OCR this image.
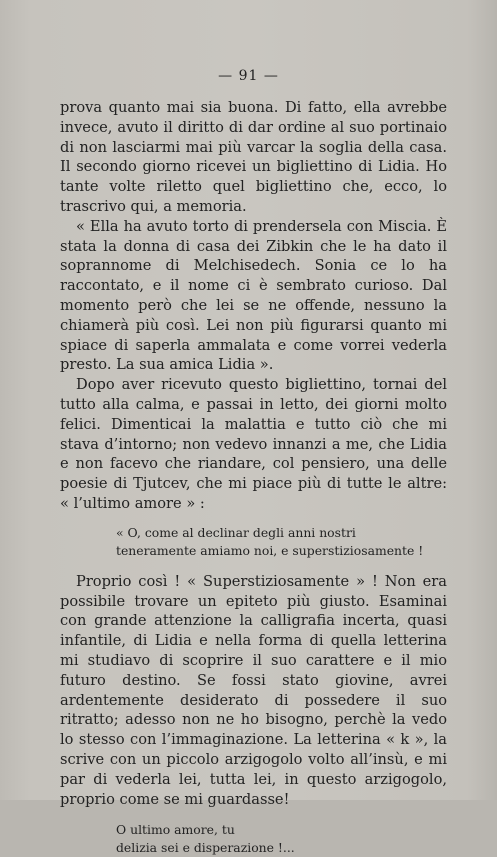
— 91 —

prova quanto mai sia buona. Di fatto, ella avrebbe invece, avuto il diritto di dar ordine al suo portinaio di non lasciarmi mai più varcar la soglia della casa. Il secondo giorno ricevei un bigliettino di Lidia. Ho tante volte riletto quel bigliettino che, ecco, lo trascrivo qui, a memoria.

« Ella ha avuto torto di prendersela con Miscia. È stata la donna di casa dei Zibkin che le ha dato il soprannome di Melchisedech. Sonia ce lo ha raccontato, e il nome ci è sembrato curioso. Dal momento però che lei se ne offende, nessuno la chiamerà più così. Lei non più figurarsi quanto mi spiace di saperla ammalata e come vorrei vederla presto. La sua amica Lidia ».

Dopo aver ricevuto questo bigliettino, tornai del tutto alla calma, e passai in letto, dei giorni molto felici. Dimenticai la malattia e tutto ciò che mi stava d’intorno; non vedevo innanzi a me, che Lidia e non facevo che riandare, col pensiero, una delle poesie di Tjutcev, che mi piace più di tutte le altre: « l’ultimo amore » :

« O, come al declinar degli anni nostri
teneramente amiamo noi, e superstiziosamente !

Proprio così ! « Superstiziosamente » ! Non era possibile trovare un epiteto più giusto. Esaminai con grande attenzione la calligrafia incerta, quasi infantile, di Lidia e nella forma di quella letterina mi studiavo di scoprire il suo carattere e il mio futuro destino. Se fossi stato giovine, avrei ardentemente desiderato di possedere il suo ritratto; adesso non ne ho bisogno, perchè la vedo lo stesso con l’immaginazione. La letterina « k », la scrive con un piccolo arzigogolo volto all’insù, e mi par di vederla lei, tutta lei, in questo arzigogolo, proprio come se mi guardasse!

O ultimo amore, tu
delizia sei e disperazione !...
